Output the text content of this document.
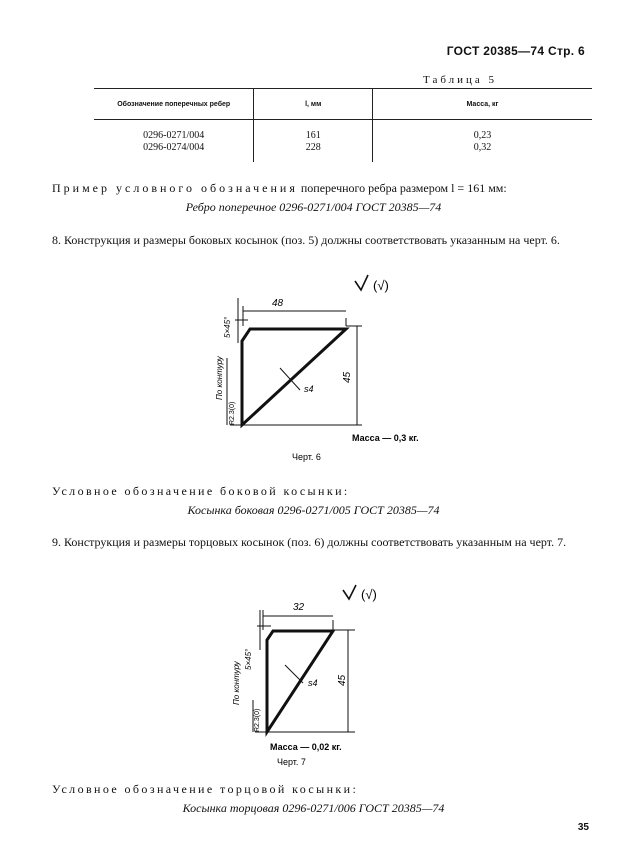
ГОСТ 20385—74 Стр. 6
Таблица 5
Обозначение поперечных ребер	l, мм	Масса, кг
0296-0271/004	161	0,23
0296-0274/004	228	0,32
Пример условного обозначения поперечного ребра размером l = 161 мм:
Ребро поперечное 0296-0271/004 ГОСТ 20385—74
8. Конструкция и размеры боковых косынок (поз. 5) должны соответствовать указанным на черт. 6.
(√)
48
45
5×45°
s4
По контуру
R2.3(0)
Масса — 0,3 кг.
Черт. 6
Условное обозначение боковой косынки:
Косынка боковая 0296-0271/005 ГОСТ 20385—74
9. Конструкция и размеры торцовых косынок (поз. 6) должны соответствовать указанным на черт. 7.
(√)
32
45
5×45°
s4
По контуру
R2.3(0)
Масса — 0,02 кг.
Черт. 7
Условное обозначение торцовой косынки:
Косынка торцовая 0296-0271/006 ГОСТ 20385—74
35
